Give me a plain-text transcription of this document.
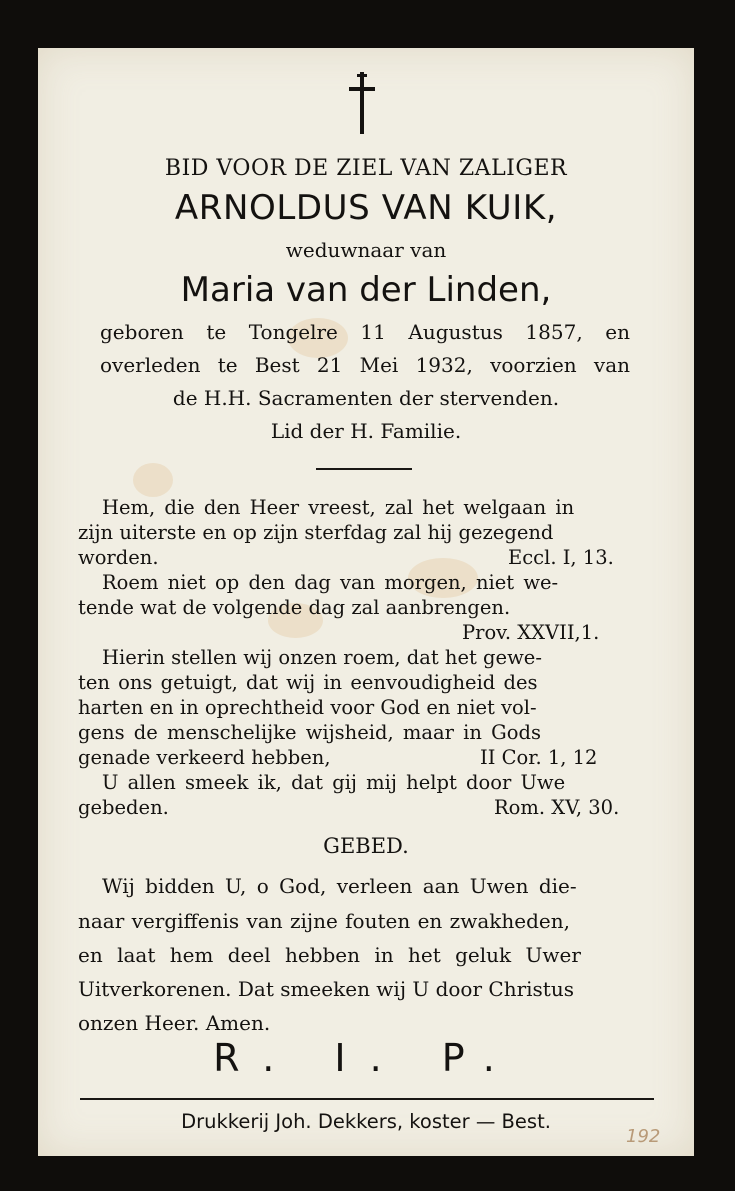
BID VOOR DE ZIEL VAN ZALIGER
ARNOLDUS VAN KUIK,
weduwnaar van
Maria van der Linden,
geboren te Tongelre 11 Augustus 1857, en
overleden te Best 21 Mei 1932, voorzien van
de H.H. Sacramenten der stervenden.
Lid der H. Familie.
Hem, die den Heer vreest, zal het welgaan in
zijn uiterste en op zijn sterfdag zal hij gezegend
worden.	Eccl. I, 13.
Roem niet op den dag van morgen, niet we-
tende wat de volgende dag zal aanbrengen.
Prov. XXVII,1.
Hierin stellen wij onzen roem, dat het gewe-
ten ons getuigt, dat wij in eenvoudigheid des
harten en in oprechtheid voor God en niet vol-
gens de menschelijke wijsheid, maar in Gods
genade verkeerd hebben,	II Cor. 1, 12
U allen smeek ik, dat gij mij helpt door Uwe
gebeden.	Rom. XV, 30.
GEBED.
Wij bidden U, o God, verleen aan Uwen die-
naar vergiffenis van zijne fouten en zwakheden,
en laat hem deel hebben in het geluk Uwer
Uitverkorenen. Dat smeeken wij U door Christus
onzen Heer. Amen.
R. I. P.
Drukkerij Joh. Dekkers, koster — Best.
192
